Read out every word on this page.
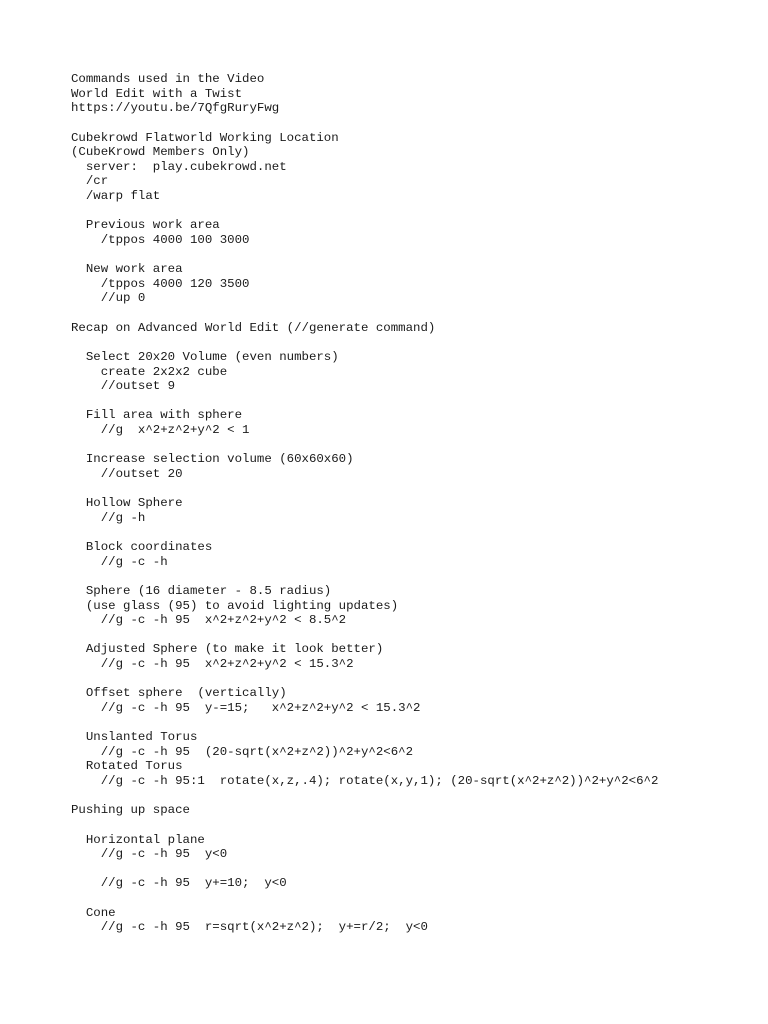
Commands used in the Video
World Edit with a Twist
https://youtu.be/7QfgRuryFwg
Cubekrowd Flatworld Working Location
(CubeKrowd Members Only)
server:  play.cubekrowd.net
/cr
/warp flat
Previous work area
/tppos 4000 100 3000
New work area
/tppos 4000 120 3500
//up 0
Recap on Advanced World Edit (//generate command)
Select 20x20 Volume (even numbers)
create 2x2x2 cube
//outset 9
Fill area with sphere
//g  x^2+z^2+y^2 < 1
Increase selection volume (60x60x60)
//outset 20
Hollow Sphere
//g -h
Block coordinates
//g -c -h
Sphere (16 diameter - 8.5 radius)
(use glass (95) to avoid lighting updates)
//g -c -h 95  x^2+z^2+y^2 < 8.5^2
Adjusted Sphere (to make it look better)
//g -c -h 95  x^2+z^2+y^2 < 15.3^2
Offset sphere  (vertically)
//g -c -h 95  y-=15;   x^2+z^2+y^2 < 15.3^2
Unslanted Torus
//g -c -h 95  (20-sqrt(x^2+z^2))^2+y^2<6^2
Rotated Torus
//g -c -h 95:1  rotate(x,z,.4); rotate(x,y,1); (20-sqrt(x^2+z^2))^2+y^2<6^2
Pushing up space
Horizontal plane
//g -c -h 95  y<0
//g -c -h 95  y+=10;  y<0
Cone
//g -c -h 95  r=sqrt(x^2+z^2);  y+=r/2;  y<0
